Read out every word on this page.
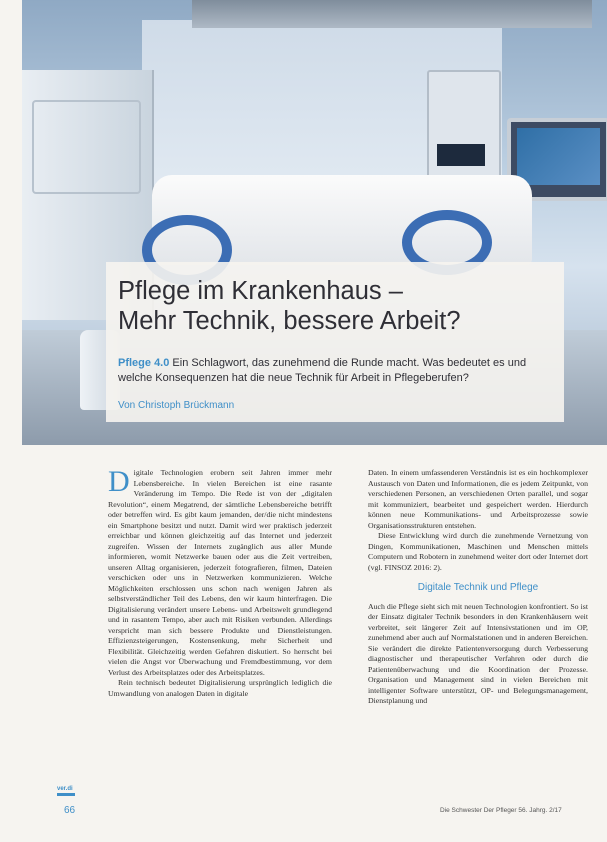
Pflege im Krankenhaus –
Mehr Technik, bessere Arbeit?
Pflege 4.0 Ein Schlagwort, das zunehmend die Runde macht. Was bedeutet es und welche Konsequenzen hat die neue Technik für Arbeit in Pflegeberufen?
Von Christoph Brückmann
D igitale Technologien erobern seit Jahren immer mehr Lebensbereiche. In vielen Bereichen ist eine rasante Veränderung im Tempo. Die Rede ist von der „digitalen Revolution“, einem Megatrend, der sämtliche Lebensbereiche betrifft oder betreffen wird. Es gibt kaum jemanden, der/die nicht mindestens ein Smartphone besitzt und nutzt. Damit wird wer praktisch jederzeit erreichbar und können gleichzeitig auf das Internet und jederzeit zugreifen. Wissen der Internets zugänglich aus aller Munde informieren, womit Netzwerke bauen oder aus die Zeit vertreiben, unseren Alltag organisieren, jederzeit fotografieren, filmen, Dateien verschicken oder uns in Netzwerken kommunizieren. Welche Möglichkeiten erschlossen uns schon nach wenigen Jahren als selbstverständlicher Teil des Lebens, den wir kaum hinterfragen. Die Digitalisierung verändert unsere Lebens- und Arbeitswelt grundlegend und in rasantem Tempo, aber auch mit Risiken verbunden. Allerdings verspricht man sich bessere Produkte und Dienstleistungen. Effizienzsteigerungen, Kostensenkung, mehr Sicherheit und Flexibilität. Gleichzeitig werden Gefahren diskutiert. So herrscht bei vielen die Angst vor Überwachung und Fremdbestimmung, vor dem Verlust des Arbeitsplatzes oder des Arbeitsplatzes.

Rein technisch bedeutet Digitalisierung ursprünglich lediglich die Umwandlung von analogen Daten in digitale

Daten. In einem umfassenderen Verständnis ist es ein hochkomplexer Austausch von Daten und Informationen, die es jedem Zeitpunkt, von verschiedenen Personen, an verschiedenen Orten parallel, und sogar mit kommuniziert, bearbeitet und gespeichert werden. Hierdurch können neue Kommunikations- und Arbeitsprozesse sowie Organisationsstrukturen entstehen.

Diese Entwicklung wird durch die zunehmende Vernetzung von Dingen, Kommunikationen, Maschinen und Menschen mittels Computern und Robotern in zunehmend weiter dort oder Internet dort (vgl. FINSOZ 2016: 2).

Digitale Technik und Pflege

Auch die Pflege sieht sich mit neuen Technologien konfrontiert. So ist der Einsatz digitaler Technik besonders in den Krankenhäusern weit verbreitet, seit längerer Zeit auf Intensivstationen und im OP, zunehmend aber auch auf Normalstationen und in anderen Bereichen. Sie verändert die direkte Patientenversorgung durch Verbesserung diagnostischer und therapeutischer Verfahren oder durch die Patientenüberwachung und die Koordination der Prozesse. Organisation und Management sind in vielen Bereichen mit intelligenter Software unterstützt, OP- und Belegungsmanagement, Dienstplanung und

ver.di
66	Die Schwester Der Pfleger 56. Jahrg. 2/17
